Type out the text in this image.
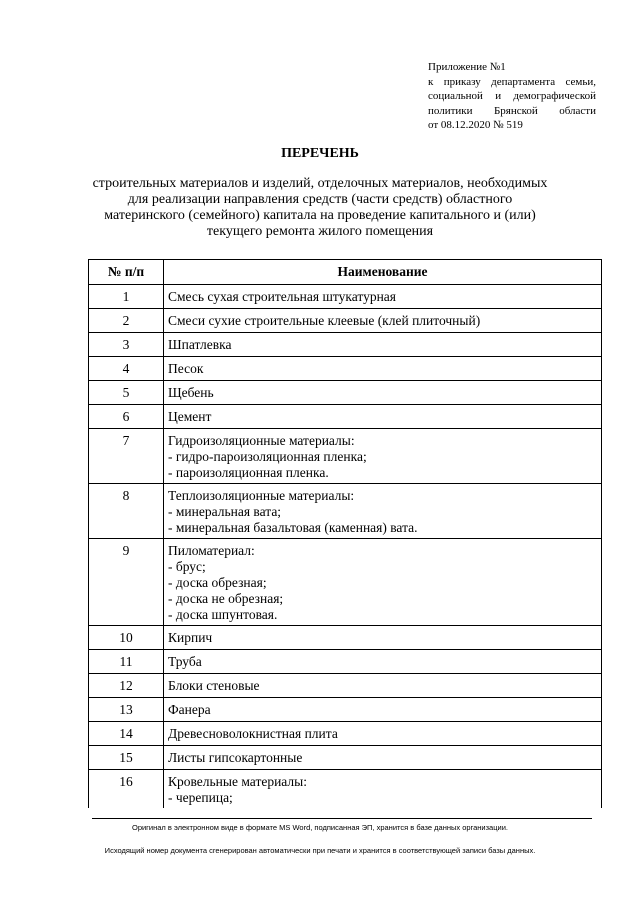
Приложение №1
к приказу департамента семьи,
социальной и демографической
политики Брянской области
от 08.12.2020 № 519
ПЕРЕЧЕНЬ
строительных материалов и изделий, отделочных материалов, необходимых
для реализации направления средств (части средств) областного
материнского (семейного) капитала на проведение капитального и (или)
текущего ремонта жилого помещения
№ п/п	Наименование
1	Смесь сухая строительная штукатурная

2	Смеси сухие строительные клеевые (клей плиточный)

3	Шпатлевка

4	Песок

5	Щебень

6	Цемент

7	Гидроизоляционные материалы:
- гидро-пароизоляционная пленка;
- пароизоляционная пленка.

8	Теплоизоляционные материалы:
- минеральная вата;
- минеральная базальтовая (каменная) вата.

9	Пиломатериал:
- брус;
- доска обрезная;
- доска не обрезная;
- доска шпунтовая.

10	Кирпич

11	Труба

12	Блоки стеновые

13	Фанера

14	Древесноволокнистная плита

15	Листы гипсокартонные

16	Кровельные материалы:
- черепица;
Оригинал в электронном виде в формате MS Word, подписанная ЭП, хранится в базе данных организации.
Исходящий номер документа сгенерирован автоматически при печати и хранится в соответствующей записи базы данных.
